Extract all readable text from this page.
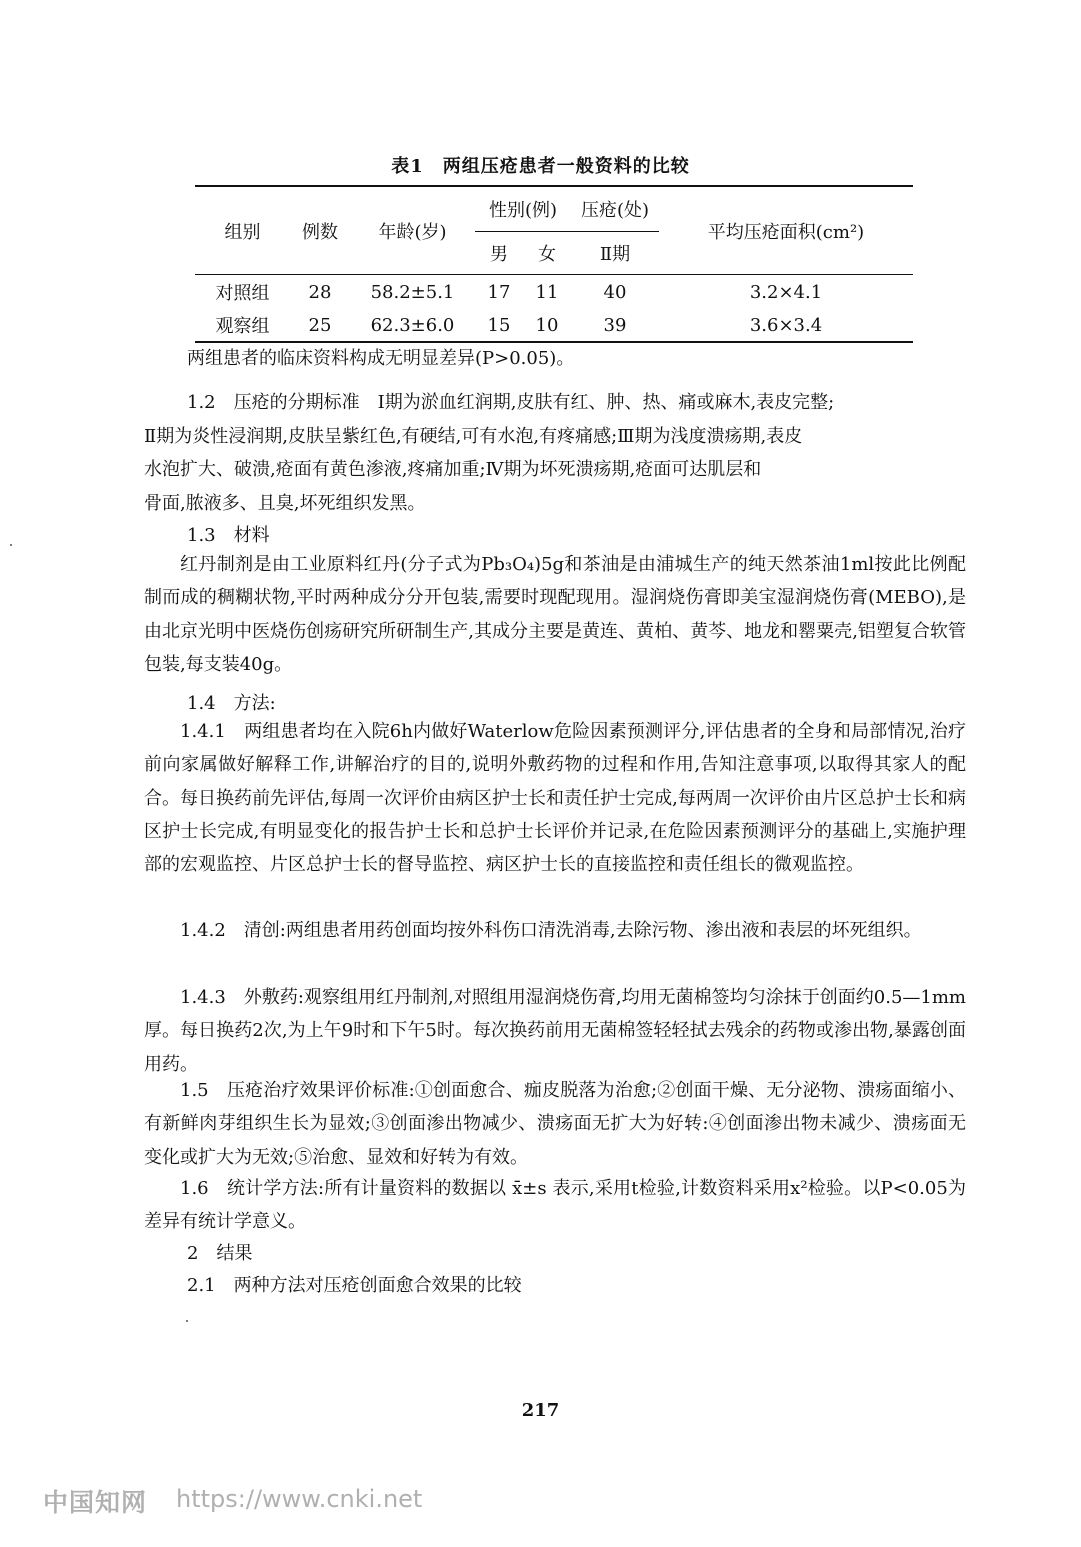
表1　两组压疮患者一般资料的比较
组别	例数	年龄(岁)	性别(例)		压疮(处)	平均压疮面积(cm²)
			男	女	Ⅱ期	
对照组	28	58.2±5.1	17	11	40	3.2×4.1
观察组	25	62.3±6.0	15	10	39	3.6×3.4
两组患者的临床资料构成无明显差异(P>0.05)。
1.2　压疮的分期标准　Ⅰ期为淤血红润期,皮肤有红、肿、热、痛或麻木,表皮完整;
Ⅱ期为炎性浸润期,皮肤呈紫红色,有硬结,可有水泡,有疼痛感;Ⅲ期为浅度溃疡期,表皮
水泡扩大、破溃,疮面有黄色渗液,疼痛加重;Ⅳ期为坏死溃疡期,疮面可达肌层和
骨面,脓液多、且臭,坏死组织发黑。
1.3　材料
红丹制剂是由工业原料红丹(分子式为Pb₃O₄)5g和茶油是由浦城生产的纯天然茶油1ml按此比例配制而成的稠糊状物,平时两种成分分开包装,需要时现配现用。湿润烧伤膏即美宝湿润烧伤膏(MEBO),是由北京光明中医烧伤创疡研究所研制生产,其成分主要是黄连、黄柏、黄芩、地龙和罂粟壳,铝塑复合软管包装,每支装40g。
1.4　方法:
1.4.1　两组患者均在入院6h内做好Waterlow危险因素预测评分,评估患者的全身和局部情况,治疗前向家属做好解释工作,讲解治疗的目的,说明外敷药物的过程和作用,告知注意事项,以取得其家人的配合。每日换药前先评估,每周一次评价由病区护士长和责任护士完成,每两周一次评价由片区总护士长和病区护士长完成,有明显变化的报告护士长和总护士长评价并记录,在危险因素预测评分的基础上,实施护理部的宏观监控、片区总护士长的督导监控、病区护士长的直接监控和责任组长的微观监控。
1.4.2　清创:两组患者用药创面均按外科伤口清洗消毒,去除污物、渗出液和表层的坏死组织。
1.4.3　外敷药:观察组用红丹制剂,对照组用湿润烧伤膏,均用无菌棉签均匀涂抹于创面约0.5—1mm厚。每日换药2次,为上午9时和下午5时。每次换药前用无菌棉签轻轻拭去残余的药物或渗出物,暴露创面用药。
1.5　压疮治疗效果评价标准:①创面愈合、痂皮脱落为治愈;②创面干燥、无分泌物、溃疡面缩小、有新鲜肉芽组织生长为显效;③创面渗出物减少、溃疡面无扩大为好转:④创面渗出物未减少、溃疡面无变化或扩大为无效;⑤治愈、显效和好转为有效。
1.6　统计学方法:所有计量资料的数据以 x̄±s 表示,采用t检验,计数资料采用x²检验。以P<0.05为差异有统计学意义。
2　结果
2.1　两种方法对压疮创面愈合效果的比较
217
中国知网 https://www.cnki.net
